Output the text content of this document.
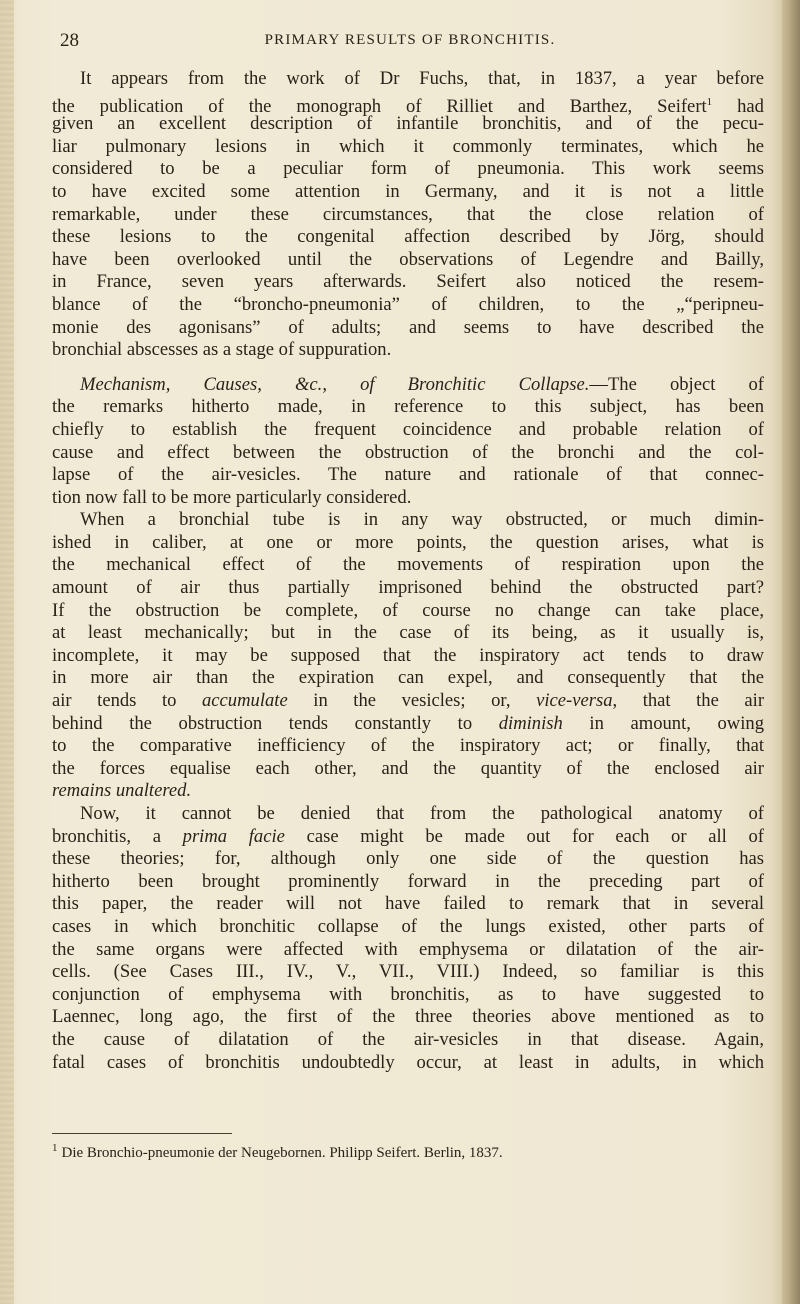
28	PRIMARY RESULTS OF BRONCHITIS.
It appears from the work of Dr Fuchs, that, in 1837, a year before
the publication of the monograph of Rilliet and Barthez, Seifert$^1$ had
given an excellent description of infantile bronchitis, and of the pecu-
liar pulmonary lesions in which it commonly terminates, which he
considered to be a peculiar form of pneumonia. This work seems
to have excited some attention in Germany, and it is not a little
remarkable, under these circumstances, that the close relation of
these lesions to the congenital affection described by Jörg, should
have been overlooked until the observations of Legendre and Bailly,
in France, seven years afterwards. Seifert also noticed the resem-
blance of the “broncho-pneumonia” of children, to the „“peripneu-
monie des agonisans” of adults; and seems to have described the
bronchial abscesses as a stage of suppuration.
Mechanism, Causes, &c., of Bronchitic Collapse.—The object of
the remarks hitherto made, in reference to this subject, has been
chiefly to establish the frequent coincidence and probable relation of
cause and effect between the obstruction of the bronchi and the col-
lapse of the air-vesicles. The nature and rationale of that connec-
tion now fall to be more particularly considered.
When a bronchial tube is in any way obstructed, or much dimin-
ished in caliber, at one or more points, the question arises, what is
the mechanical effect of the movements of respiration upon the
amount of air thus partially imprisoned behind the obstructed part?
If the obstruction be complete, of course no change can take place,
at least mechanically; but in the case of its being, as it usually is,
incomplete, it may be supposed that the inspiratory act tends to draw
in more air than the expiration can expel, and consequently that the
air tends to accumulate in the vesicles; or, vice-versa, that the air
behind the obstruction tends constantly to diminish in amount, owing
to the comparative inefficiency of the inspiratory act; or finally, that
the forces equalise each other, and the quantity of the enclosed air
remains unaltered.
Now, it cannot be denied that from the pathological anatomy of
bronchitis, a prima facie case might be made out for each or all of
these theories; for, although only one side of the question has
hitherto been brought prominently forward in the preceding part of
this paper, the reader will not have failed to remark that in several
cases in which bronchitic collapse of the lungs existed, other parts of
the same organs were affected with emphysema or dilatation of the air-
cells. (See Cases III., IV., V., VII., VIII.) Indeed, so familiar is this
conjunction of emphysema with bronchitis, as to have suggested to
Laennec, long ago, the first of the three theories above mentioned as to
the cause of dilatation of the air-vesicles in that disease. Again,
fatal cases of bronchitis undoubtedly occur, at least in adults, in which
$^1$ Die Bronchio-pneumonie der Neugebornen. Philipp Seifert. Berlin, 1837.
